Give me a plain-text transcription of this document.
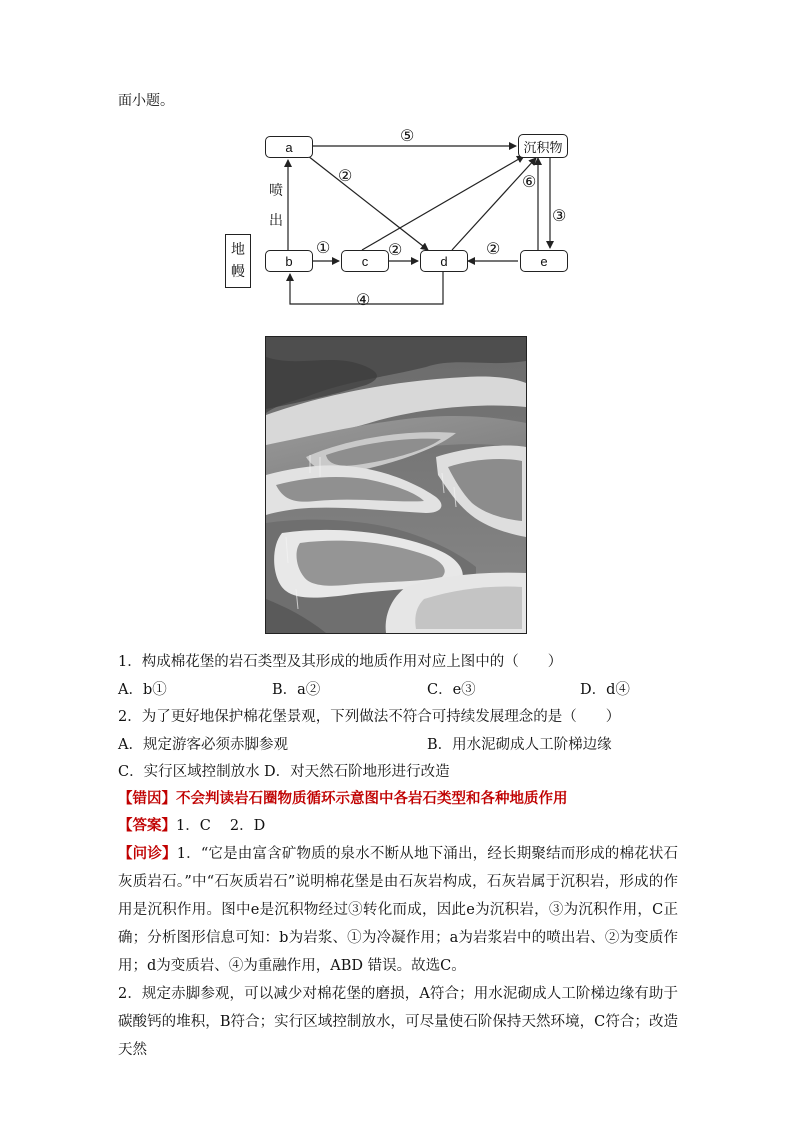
面小题。
a
b	c	d	e
沉积物
地
幔
喷
出
⑤
②
①	②	②
⑥
③
④
1．构成棉花堡的岩石类型及其形成的地质作用对应上图中的（　　）
A．b①	B．a②	C．e③	D．d④
2．为了更好地保护棉花堡景观，下列做法不符合可持续发展理念的是（　　）
A．规定游客必须赤脚参观	B．用水泥砌成人工阶梯边缘
C．实行区域控制放水 D．对天然石阶地形进行改造
【错因】不会判读岩石圈物质循环示意图中各岩石类型和各种地质作用
【答案】1．C　 2．D
【问诊】1．“它是由富含矿物质的泉水不断从地下涌出，经长期聚结而形成的棉花状石灰质岩石。”中“石灰质岩石”说明棉花堡是由石灰岩构成，石灰岩属于沉积岩，形成的作用是沉积作用。图中e是沉积物经过③转化而成，因此e为沉积岩，③为沉积作用，C正确；分析图形信息可知：b为岩浆、①为冷凝作用；a为岩浆岩中的喷出岩、②为变质作用；d为变质岩、④为重融作用，ABD 错误。故选C。
2．规定赤脚参观，可以减少对棉花堡的磨损，A符合；用水泥砌成人工阶梯边缘有助于碳酸钙的堆积，B符合；实行区域控制放水，可尽量使石阶保持天然环境，C符合；改造天然
